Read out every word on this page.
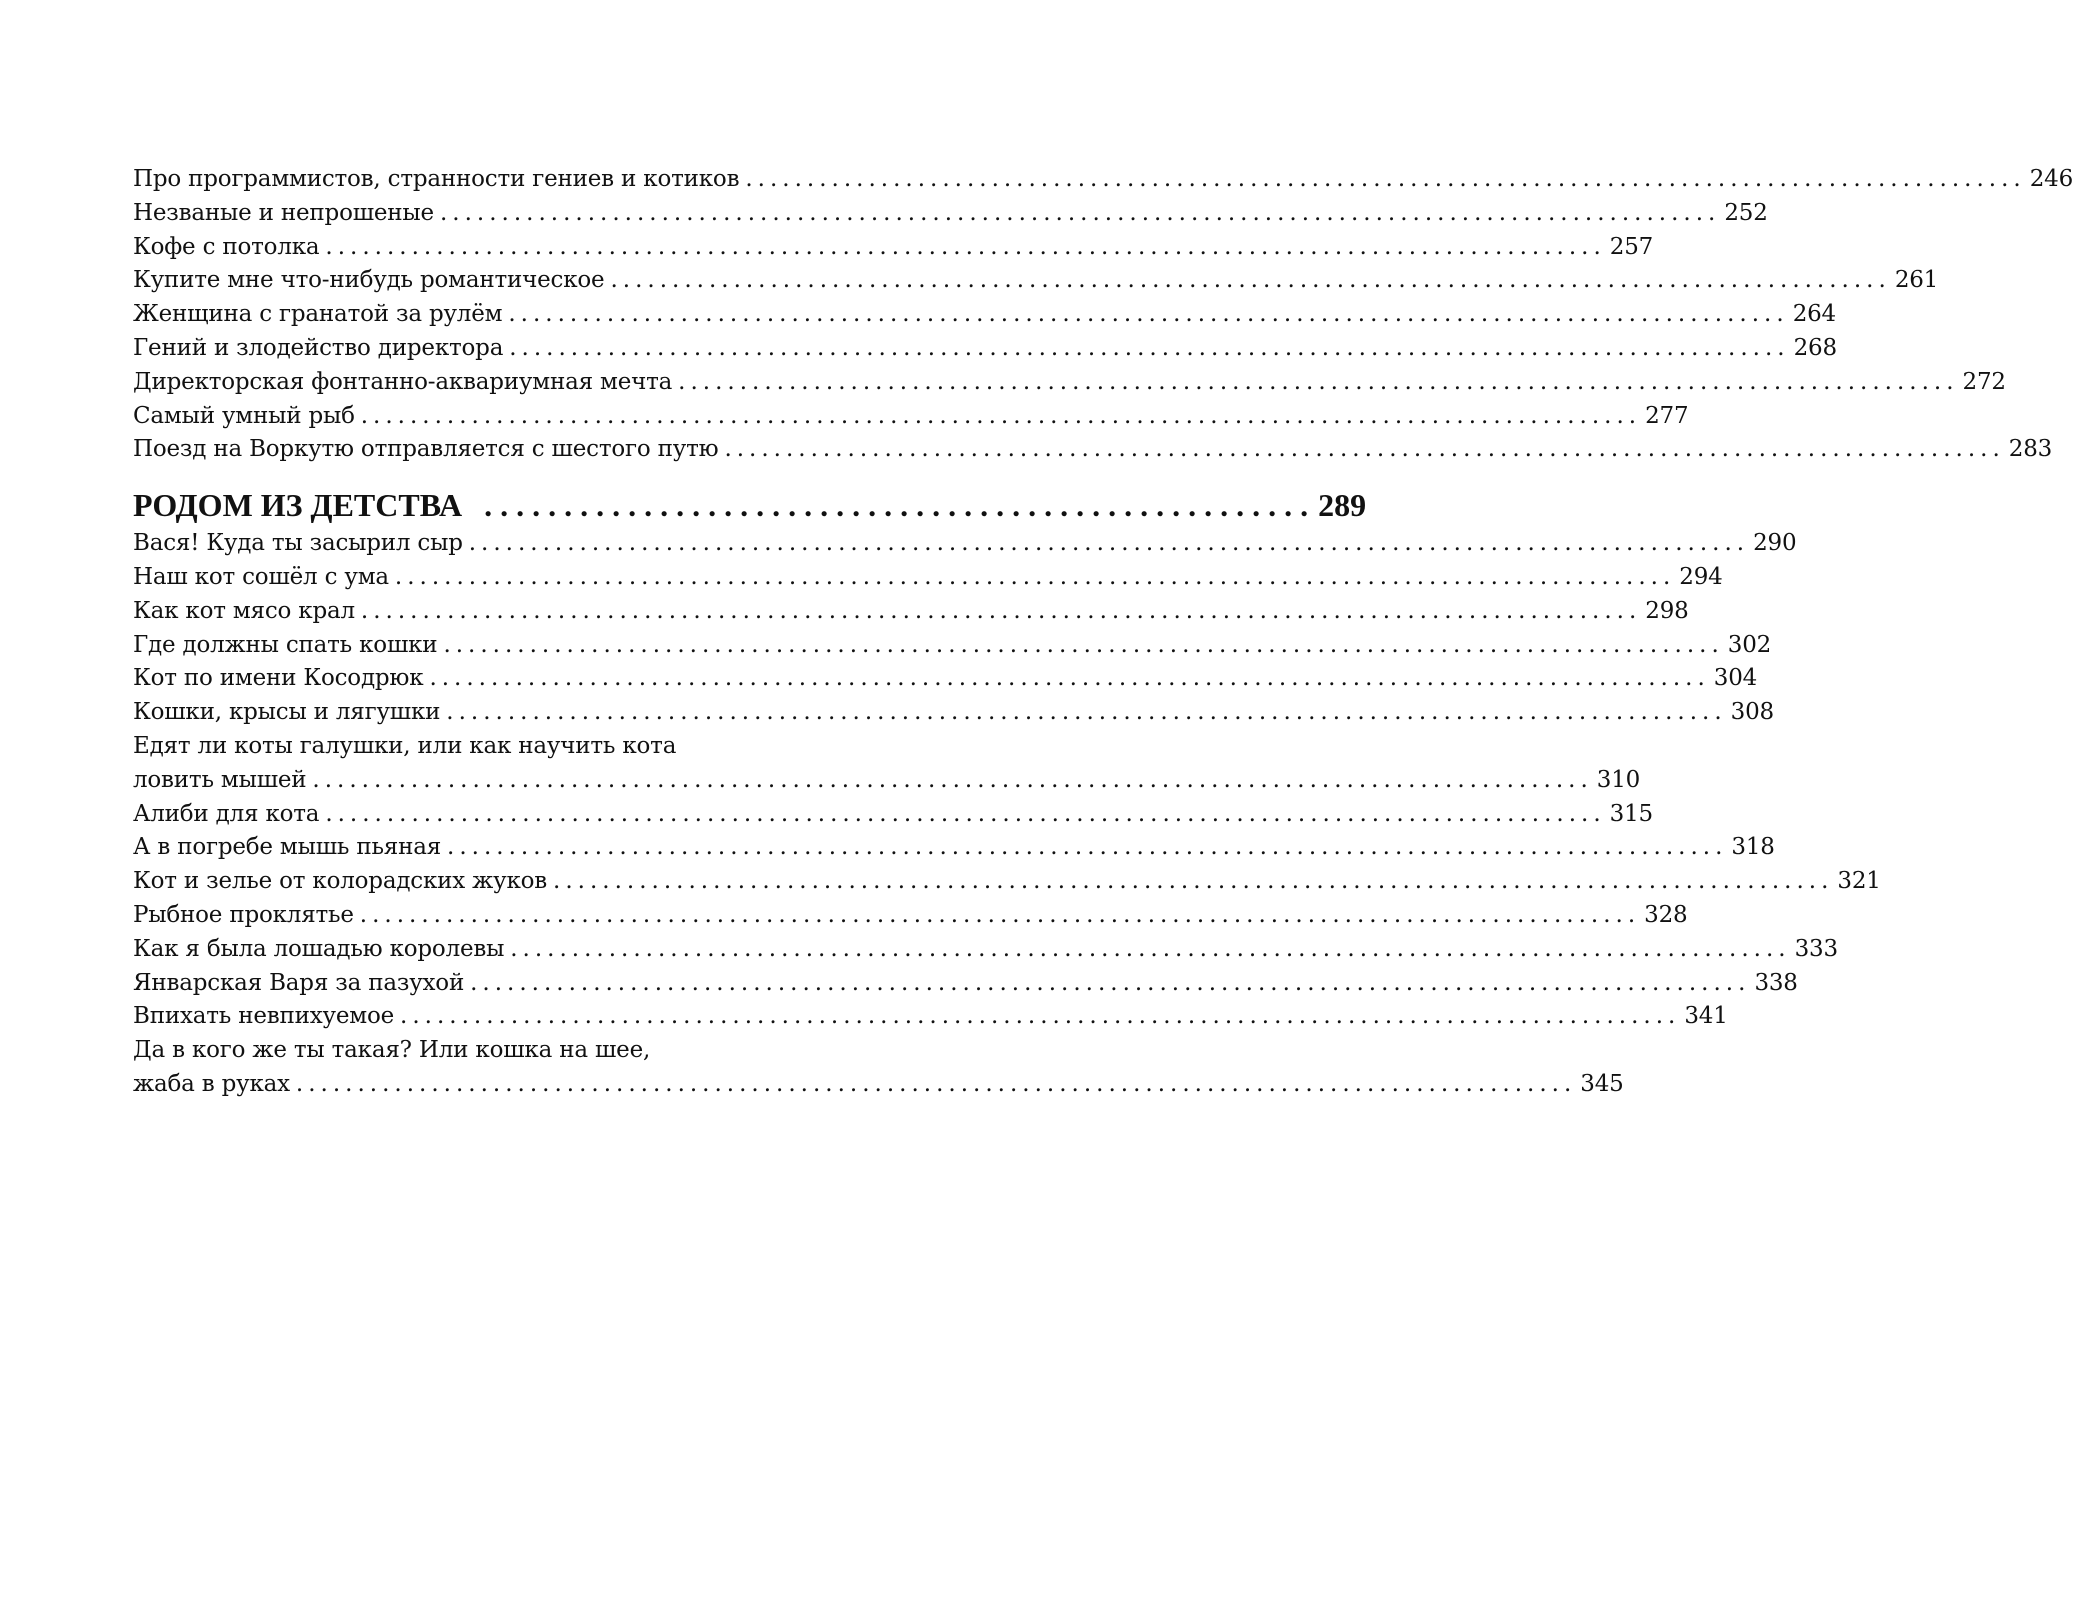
Про программистов, странности гениев и котиков ........................................................................................................ 246
Незваные и непрошеные ........................................................................................................ 252
Кофе с потолка ........................................................................................................ 257
Купите мне что-нибудь романтическое ........................................................................................................ 261
Женщина с гранатой за рулём ........................................................................................................ 264
Гений и злодейство директора ........................................................................................................ 268
Директорская фонтанно-аквариумная мечта ........................................................................................................ 272
Самый умный рыб ........................................................................................................ 277
Поезд на Воркутю отправляется с шестого путю ........................................................................................................ 283
РОДОМ ИЗ ДЕТСТВА .................................................... 289
Вася! Куда ты засырил сыр ........................................................................................................ 290
Наш кот сошёл с ума ........................................................................................................ 294
Как кот мясо крал ........................................................................................................ 298
Где должны спать кошки ........................................................................................................ 302
Кот по имени Косодрюк ........................................................................................................ 304
Кошки, крысы и лягушки ........................................................................................................ 308
Едят ли коты галушки, или как научить кота
ловить мышей ........................................................................................................ 310
Алиби для кота ........................................................................................................ 315
А в погребе мышь пьяная ........................................................................................................ 318
Кот и зелье от колорадских жуков ........................................................................................................ 321
Рыбное проклятье ........................................................................................................ 328
Как я была лошадью королевы ........................................................................................................ 333
Январская Варя за пазухой ........................................................................................................ 338
Впихать невпихуемое ........................................................................................................ 341
Да в кого же ты такая? Или кошка на шее,
жаба в руках ........................................................................................................ 345
